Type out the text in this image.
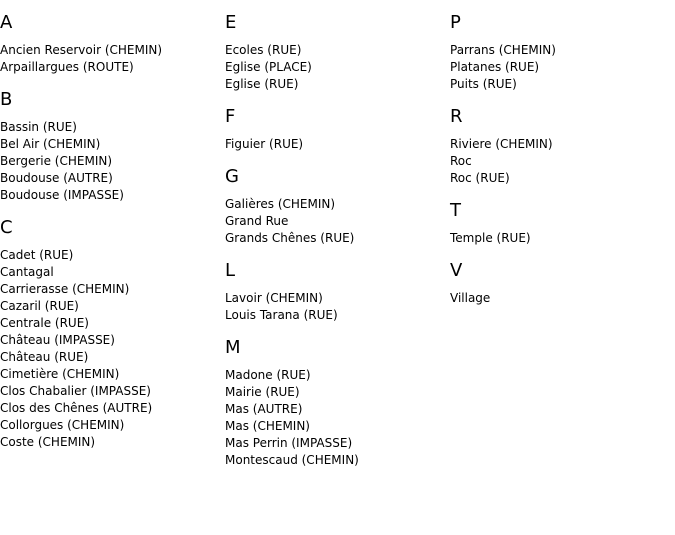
A
Ancien Reservoir (CHEMIN)
Arpaillargues (ROUTE)
B
Bassin (RUE)
Bel Air (CHEMIN)
Bergerie (CHEMIN)
Boudouse (AUTRE)
Boudouse (IMPASSE)
C
Cadet (RUE)
Cantagal
Carrierasse (CHEMIN)
Cazaril (RUE)
Centrale (RUE)
Château (IMPASSE)
Château (RUE)
Cimetière (CHEMIN)
Clos Chabalier (IMPASSE)
Clos des Chênes (AUTRE)
Collorgues (CHEMIN)
Coste (CHEMIN)
E
Ecoles (RUE)
Eglise (PLACE)
Eglise (RUE)
F
Figuier (RUE)
G
Galières (CHEMIN)
Grand Rue
Grands Chênes (RUE)
L
Lavoir (CHEMIN)
Louis Tarana (RUE)
M
Madone (RUE)
Mairie (RUE)
Mas (AUTRE)
Mas (CHEMIN)
Mas Perrin (IMPASSE)
Montescaud (CHEMIN)
P
Parrans (CHEMIN)
Platanes (RUE)
Puits (RUE)
R
Riviere (CHEMIN)
Roc
Roc (RUE)
T
Temple (RUE)
V
Village
